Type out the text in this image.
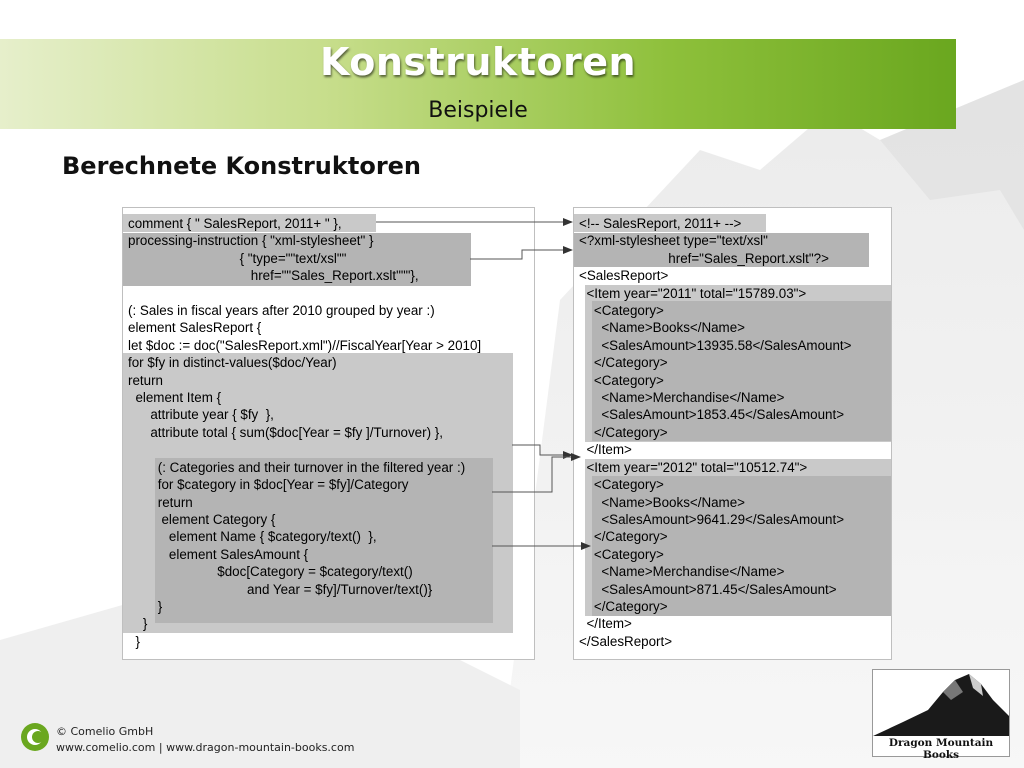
Konstruktoren
Beispiele
Berechnete Konstruktoren
comment { " SalesReport, 2011+ " },
processing-instruction { "xml-stylesheet" }
{ "type=""text/xsl""
href=""Sales_Report.xslt"""},

(: Sales in fiscal years after 2010 grouped by year :)
element SalesReport {
let $doc := doc("SalesReport.xml")//FiscalYear[Year > 2010]
for $fy in distinct-values($doc/Year)
return
element Item {
attribute year { $fy  },
attribute total { sum($doc[Year = $fy ]/Turnover) },

(: Categories and their turnover in the filtered year :)
for $category in $doc[Year = $fy]/Category
return
element Category {
element Name { $category/text()  },
element SalesAmount {
$doc[Category = $category/text()
and Year = $fy]/Turnover/text()}
}
}
}
<!-- SalesReport, 2011+ -->
<?xml-stylesheet type="text/xsl"
href="Sales_Report.xslt"?>
<SalesReport>
<Item year="2011" total="15789.03">
<Category>
<Name>Books</Name>
<SalesAmount>13935.58</SalesAmount>
</Category>
<Category>
<Name>Merchandise</Name>
<SalesAmount>1853.45</SalesAmount>
</Category>
</Item>
<Item year="2012" total="10512.74">
<Category>
<Name>Books</Name>
<SalesAmount>9641.29</SalesAmount>
</Category>
<Category>
<Name>Merchandise</Name>
<SalesAmount>871.45</SalesAmount>
</Category>
</Item>
</SalesReport>
© Comelio GmbH
www.comelio.com | www.dragon-mountain-books.com	Dragon Mountain Books
